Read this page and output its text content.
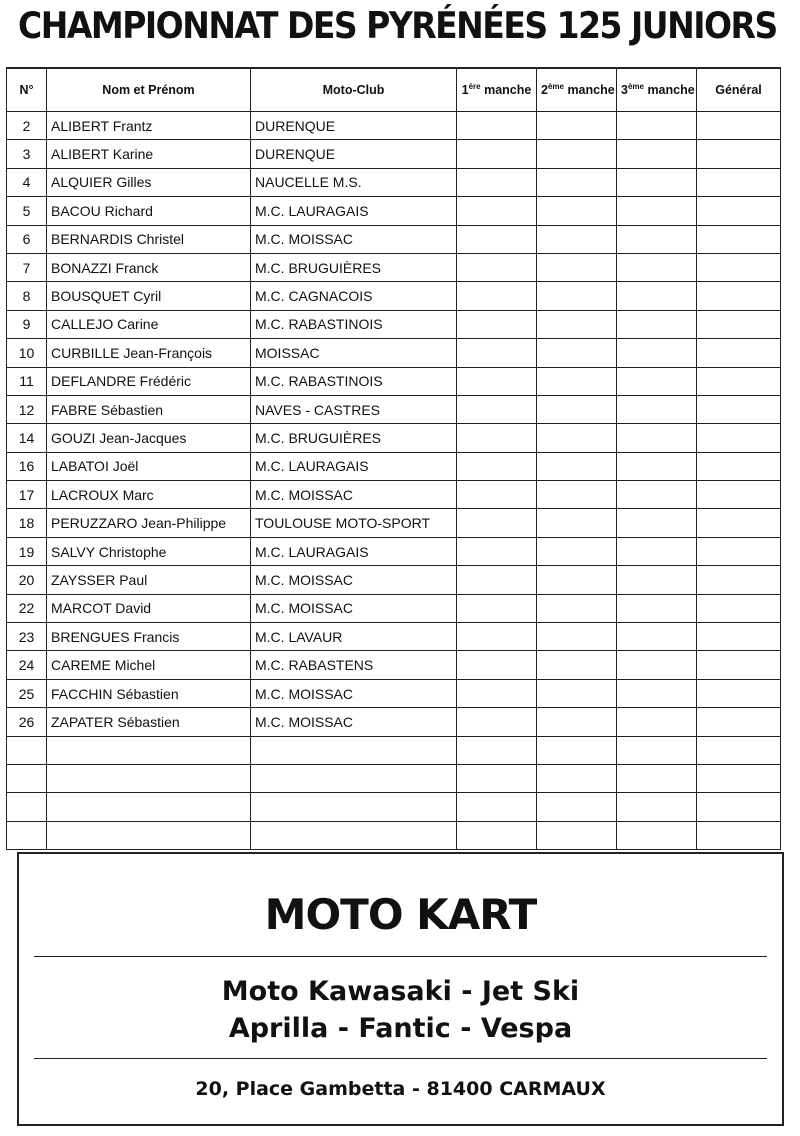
CHAMPIONNAT DES PYRÉNÉES 125 JUNIORS
N°	Nom et Prénom	Moto-Club	1ère manche	2ème manche	3ème manche	Général
2	ALIBERT Frantz	DURENQUE				
3	ALIBERT Karine	DURENQUE				
4	ALQUIER Gilles	NAUCELLE M.S.				
5	BACOU Richard	M.C. LAURAGAIS				
6	BERNARDIS Christel	M.C. MOISSAC				
7	BONAZZI Franck	M.C. BRUGUIÈRES				
8	BOUSQUET Cyril	M.C. CAGNACOIS				
9	CALLEJO Carine	M.C. RABASTINOIS				
10	CURBILLE Jean-François	MOISSAC				
11	DEFLANDRE Frédéric	M.C. RABASTINOIS				
12	FABRE Sébastien	NAVES - CASTRES				
14	GOUZI Jean-Jacques	M.C. BRUGUIÈRES				
16	LABATOI Joël	M.C. LAURAGAIS				
17	LACROUX Marc	M.C. MOISSAC				
18	PERUZZARO Jean-Philippe	TOULOUSE MOTO-SPORT				
19	SALVY Christophe	M.C. LAURAGAIS				
20	ZAYSSER Paul	M.C. MOISSAC				
22	MARCOT David	M.C. MOISSAC				
23	BRENGUES Francis	M.C. LAVAUR				
24	CAREME Michel	M.C. RABASTENS				
25	FACCHIN Sébastien	M.C. MOISSAC				
26	ZAPATER Sébastien	M.C. MOISSAC				

MOTO KART
Moto Kawasaki - Jet Ski
Aprilla - Fantic - Vespa
20, Place Gambetta - 81400 CARMAUX
